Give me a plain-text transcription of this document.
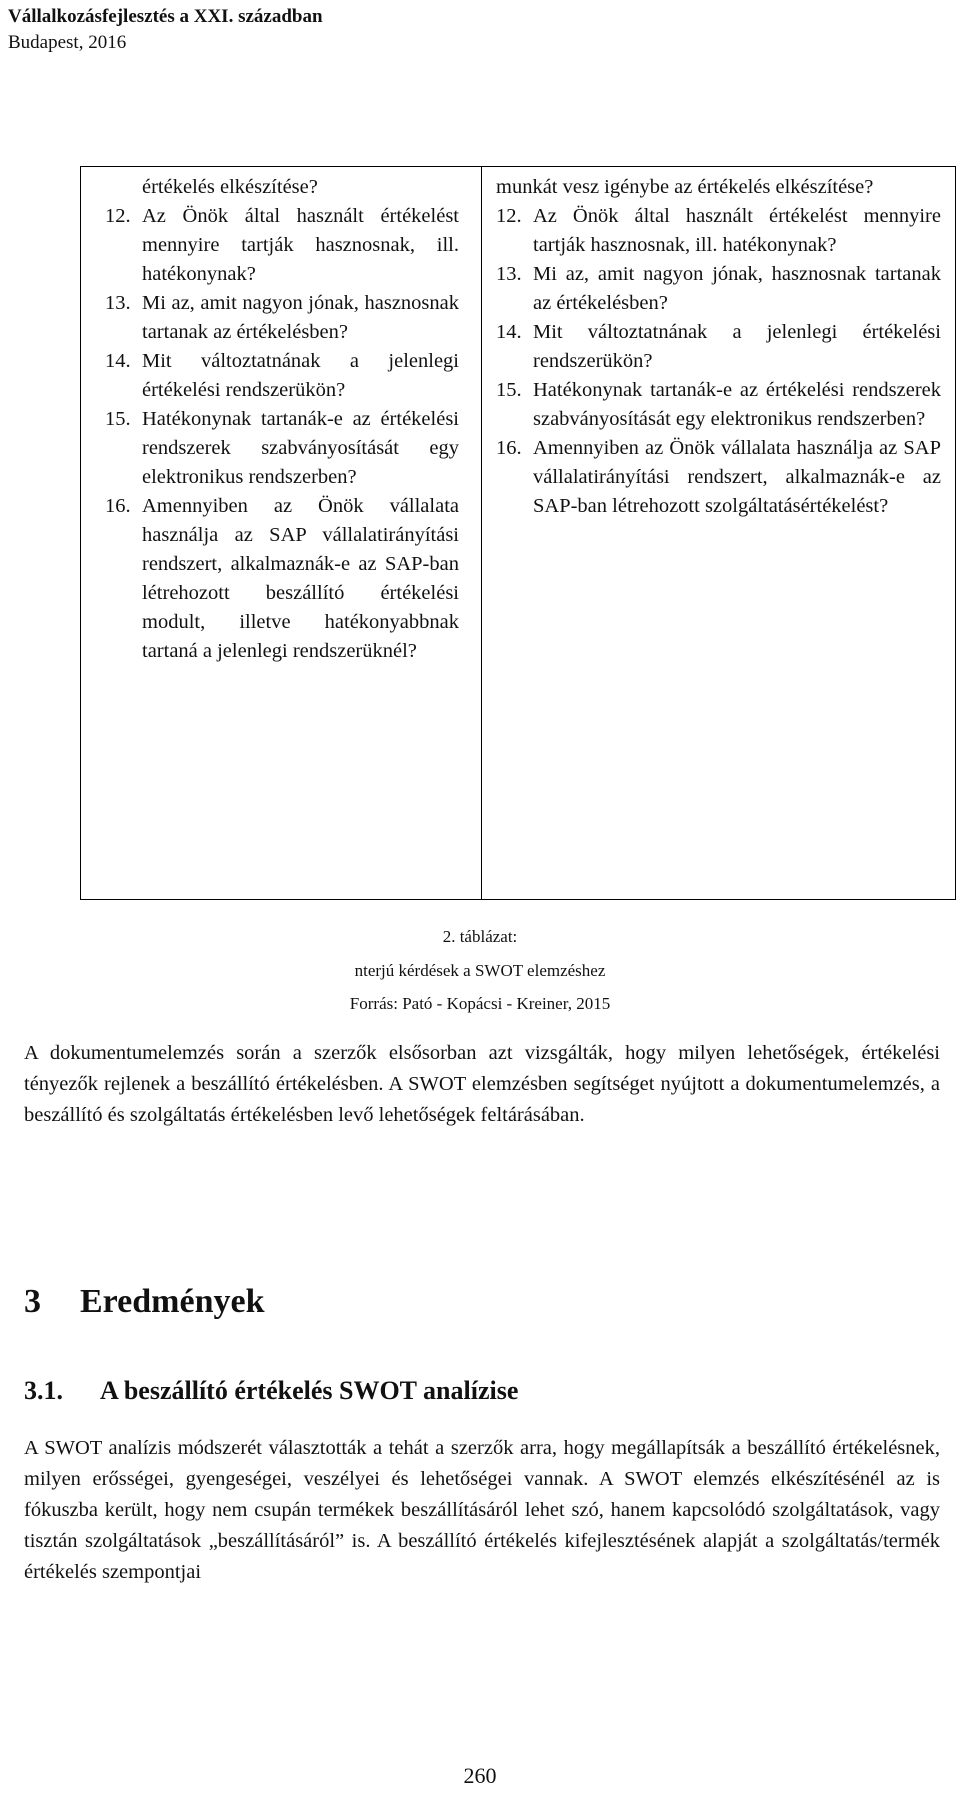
Vállalkozásfejlesztés a XXI. században
Budapest, 2016
értékelés elkészítése?
12. Az Önök által használt értékelést mennyire tartják hasznosnak, ill. hatékonynak?
13. Mi az, amit nagyon jónak, hasznosnak tartanak az értékelésben?
14. Mit változtatnának a jelenlegi értékelési rendszerükön?
15. Hatékonynak tartanák-e az értékelési rendszerek szabványosítását egy elektronikus rendszerben?
16. Amennyiben az Önök vállalata használja az SAP vállalatirányítási rendszert, alkalmaznák-e az SAP-ban létrehozott beszállító értékelési modult, illetve hatékonyabbnak tartaná a jelenlegi rendszerüknél?
munkát vesz igénybe az értékelés elkészítése?
12. Az Önök által használt értékelést mennyire tartják hasznosnak, ill. hatékonynak?
13. Mi az, amit nagyon jónak, hasznosnak tartanak az értékelésben?
14. Mit változtatnának a jelenlegi értékelési rendszerükön?
15. Hatékonynak tartanák-e az értékelési rendszerek szabványosítását egy elektronikus rendszerben?
16. Amennyiben az Önök vállalata használja az SAP vállalatirányítási rendszert, alkalmaznák-e az SAP-ban létrehozott szolgáltatásértékelést?
2. táblázat:
nterjú kérdések a SWOT elemzéshez
Forrás: Pató - Kopácsi - Kreiner, 2015

A dokumentumelemzés során a szerzők elsősorban azt vizsgálták, hogy milyen lehetőségek, értékelési tényezők rejlenek a beszállító értékelésben. A SWOT elemzésben segítséget nyújtott a dokumentumelemzés, a beszállító és szolgáltatás értékelésben levő lehetőségek feltárásában.

3 Eredmények
3.1. A beszállító értékelés SWOT analízise

A SWOT analízis módszerét választották a tehát a szerzők arra, hogy megállapítsák a beszállító értékelésnek, milyen erősségei, gyengeségei, veszélyei és lehetőségei vannak. A SWOT elemzés elkészítésénél az is fókuszba került, hogy nem csupán termékek beszállításáról lehet szó, hanem kapcsolódó szolgáltatások, vagy tisztán szolgáltatások „beszállításáról” is. A beszállító értékelés kifejlesztésének alapját a szolgáltatás/termék értékelés szempontjai

260
